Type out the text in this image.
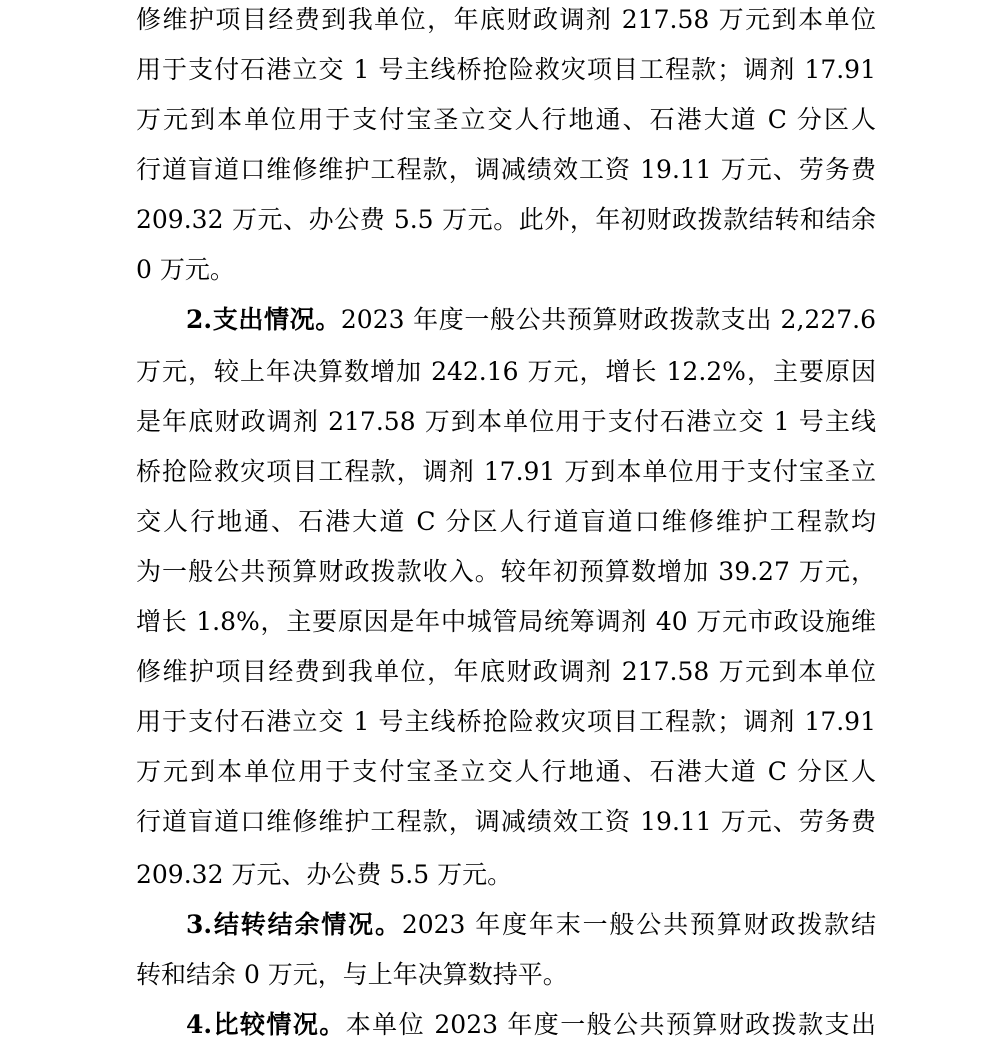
修维护项目经费到我单位，年底财政调剂 217.58 万元到本单位
用于支付石港立交 1 号主线桥抢险救灾项目工程款；调剂 17.91
万元到本单位用于支付宝圣立交人行地通、石港大道 C 分区人
行道盲道口维修维护工程款，调减绩效工资 19.11 万元、劳务费
209.32 万元、办公费 5.5 万元。此外，年初财政拨款结转和结余
0 万元。
2.支出情况。2023 年度一般公共预算财政拨款支出 2,227.6
万元，较上年决算数增加 242.16 万元，增长 12.2%，主要原因
是年底财政调剂 217.58 万到本单位用于支付石港立交 1 号主线
桥抢险救灾项目工程款，调剂 17.91 万到本单位用于支付宝圣立
交人行地通、石港大道 C 分区人行道盲道口维修维护工程款均
为一般公共预算财政拨款收入。较年初预算数增加 39.27 万元，
增长 1.8%，主要原因是年中城管局统筹调剂 40 万元市政设施维
修维护项目经费到我单位，年底财政调剂 217.58 万元到本单位
用于支付石港立交 1 号主线桥抢险救灾项目工程款；调剂 17.91
万元到本单位用于支付宝圣立交人行地通、石港大道 C 分区人
行道盲道口维修维护工程款，调减绩效工资 19.11 万元、劳务费
209.32 万元、办公费 5.5 万元。
3.结转结余情况。2023 年度年末一般公共预算财政拨款结
转和结余 0 万元，与上年决算数持平。
4.比较情况。本单位 2023 年度一般公共预算财政拨款支出
